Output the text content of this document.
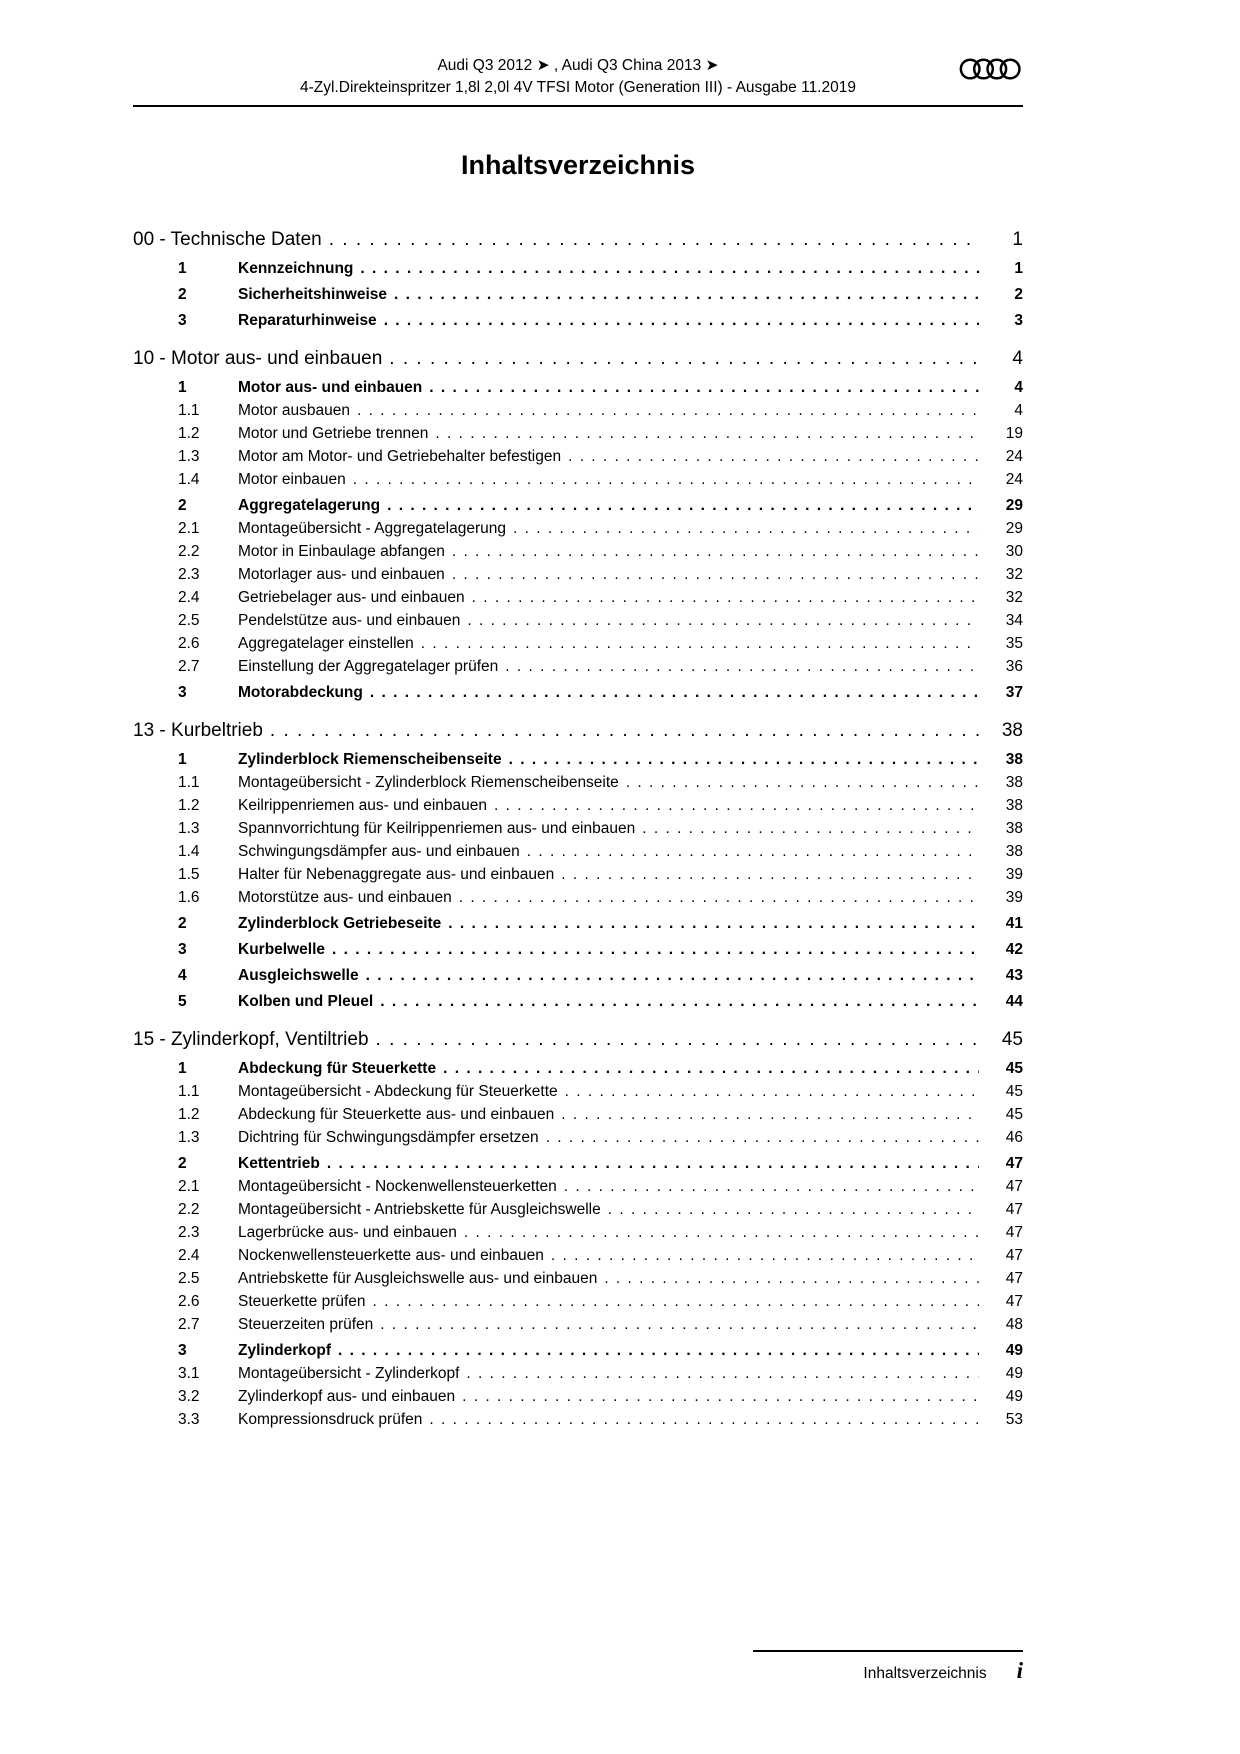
Audi Q3 2012 ➤ , Audi Q3 China 2013 ➤
4-Zyl.Direkteinspritzer 1,8l 2,0l 4V TFSI Motor (Generation III) - Ausgabe 11.2019
Inhaltsverzeichnis
00 - Technische Daten . . .	1
1	Kennzeichnung . . .	1
2	Sicherheitshinweise . . .	2
3	Reparaturhinweise . . .	3
10 - Motor aus- und einbauen . . .	4
1	Motor aus- und einbauen . . .	4
1.1	Motor ausbauen . . .	4
1.2	Motor und Getriebe trennen . . .	19
1.3	Motor am Motor- und Getriebehalter befestigen . . .	24
1.4	Motor einbauen . . .	24
2	Aggregatelagerung . . .	29
2.1	Montageübersicht - Aggregatelagerung . . .	29
2.2	Motor in Einbaulage abfangen . . .	30
2.3	Motorlager aus- und einbauen . . .	32
2.4	Getriebelager aus- und einbauen . . .	32
2.5	Pendelstütze aus- und einbauen . . .	34
2.6	Aggregatelager einstellen . . .	35
2.7	Einstellung der Aggregatelager prüfen . . .	36
3	Motorabdeckung . . .	37
13 - Kurbeltrieb . . .	38
1	Zylinderblock Riemenscheibenseite . . .	38
1.1	Montageübersicht - Zylinderblock Riemenscheibenseite . . .	38
1.2	Keilrippenriemen aus- und einbauen . . .	38
1.3	Spannvorrichtung für Keilrippenriemen aus- und einbauen . . .	38
1.4	Schwingungsdämpfer aus- und einbauen . . .	38
1.5	Halter für Nebenaggregate aus- und einbauen . . .	39
1.6	Motorstütze aus- und einbauen . . .	39
2	Zylinderblock Getriebeseite . . .	41
3	Kurbelwelle . . .	42
4	Ausgleichswelle . . .	43
5	Kolben und Pleuel . . .	44
15 - Zylinderkopf, Ventiltrieb . . .	45
1	Abdeckung für Steuerkette . . .	45
1.1	Montageübersicht - Abdeckung für Steuerkette . . .	45
1.2	Abdeckung für Steuerkette aus- und einbauen . . .	45
1.3	Dichtring für Schwingungsdämpfer ersetzen . . .	46
2	Kettentrieb . . .	47
2.1	Montageübersicht - Nockenwellensteuerketten . . .	47
2.2	Montageübersicht - Antriebskette für Ausgleichswelle . . .	47
2.3	Lagerbrücke aus- und einbauen . . .	47
2.4	Nockenwellensteuerkette aus- und einbauen . . .	47
2.5	Antriebskette für Ausgleichswelle aus- und einbauen . . .	47
2.6	Steuerkette prüfen . . .	47
2.7	Steuerzeiten prüfen . . .	48
3	Zylinderkopf . . .	49
3.1	Montageübersicht - Zylinderkopf . . .	49
3.2	Zylinderkopf aus- und einbauen . . .	49
3.3	Kompressionsdruck prüfen . . .	53
Inhaltsverzeichnis i
